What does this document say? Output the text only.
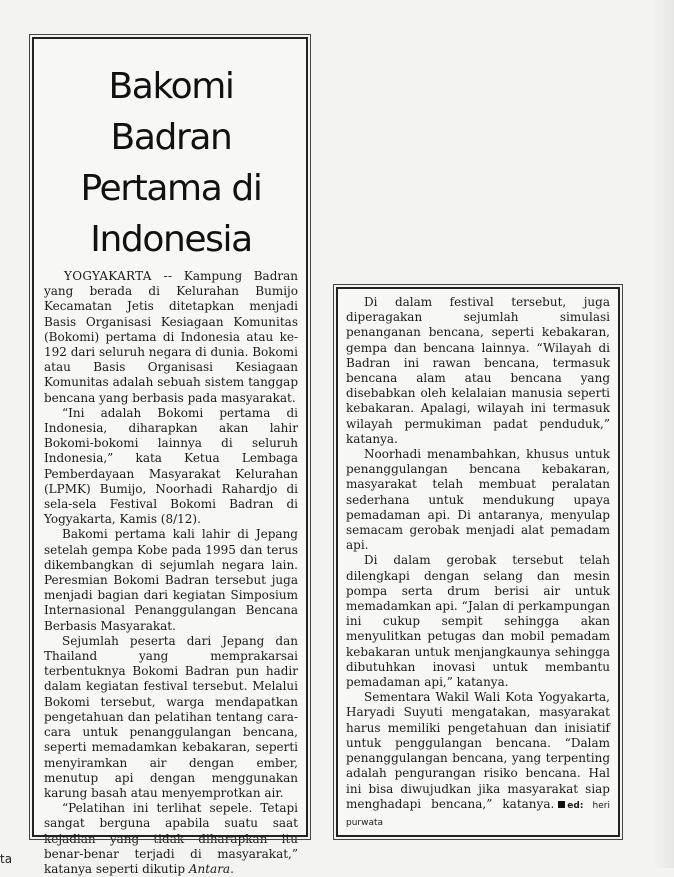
Bakomi Badran
Pertama di
Indonesia

YOGYAKARTA -- Kampung Badran yang berada di Kelurahan Bumijo Kecamatan Jetis ditetapkan menjadi Basis Organisasi Kesiagaan Komunitas (Bokomi) pertama di Indonesia atau ke-192 dari seluruh negara di dunia. Bokomi atau Basis Organisasi Kesiagaan Komunitas adalah sebuah sistem tanggap bencana yang berbasis pada masyarakat.

“Ini adalah Bokomi pertama di Indonesia, diharapkan akan lahir Bokomi-bokomi lainnya di seluruh Indonesia,” kata Ketua Lembaga Pemberdayaan Masyarakat Kelurahan (LPMK) Bumijo, Noorhadi Rahardjo di sela-sela Festival Bokomi Badran di Yogyakarta, Kamis (8/12).

Bakomi pertama kali lahir di Jepang setelah gempa Kobe pada 1995 dan terus dikembangkan di sejumlah negara lain. Peresmian Bokomi Badran tersebut juga menjadi bagian dari kegiatan Simposium Internasional Penanggulangan Bencana Berbasis Masyarakat.

Sejumlah peserta dari Jepang dan Thailand yang memprakarsai terbentuknya Bokomi Badran pun hadir dalam kegiatan festival tersebut. Melalui Bokomi tersebut, warga mendapatkan pengetahuan dan pelatihan tentang cara-cara untuk penanggulangan bencana, seperti memadamkan kebakaran, seperti menyiramkan air dengan ember, menutup api dengan menggunakan karung basah atau menyemprotkan air.

“Pelatihan ini terlihat sepele. Tetapi sangat berguna apabila suatu saat kejadian yang tidak diharapkan itu benar-benar terjadi di masyarakat,” katanya seperti dikutip Antara.

Di dalam festival tersebut, juga diperagakan sejumlah simulasi penanganan bencana, seperti kebakaran, gempa dan bencana lainnya. “Wilayah di Badran ini rawan bencana, termasuk bencana alam atau bencana yang disebabkan oleh kelalaian manusia seperti kebakaran. Apalagi, wilayah ini termasuk wilayah permukiman padat penduduk,” katanya.

Noorhadi menambahkan, khusus untuk penanggulangan bencana kebakaran, masyarakat telah membuat peralatan sederhana untuk mendukung upaya pemadaman api. Di antaranya, menyulap semacam gerobak menjadi alat pemadam api.

Di dalam gerobak tersebut telah dilengkapi dengan selang dan mesin pompa serta drum berisi air untuk memadamkan api. “Jalan di perkampungan ini cukup sempit sehingga akan menyulitkan petugas dan mobil pemadam kebakaran untuk menjangkaunya sehingga dibutuhkan inovasi untuk membantu pemadaman api,” katanya.

Sementara Wakil Wali Kota Yogyakarta, Haryadi Suyuti mengatakan, masyarakat harus memiliki pengetahuan dan inisiatif untuk penggulangan bencana. “Dalam penanggulangan bencana, yang terpenting adalah pengurangan risiko bencana. Hal ini bisa diwujudkan jika masyarakat siap menghadapi bencana,” katanya. ed: heri purwata

ta
